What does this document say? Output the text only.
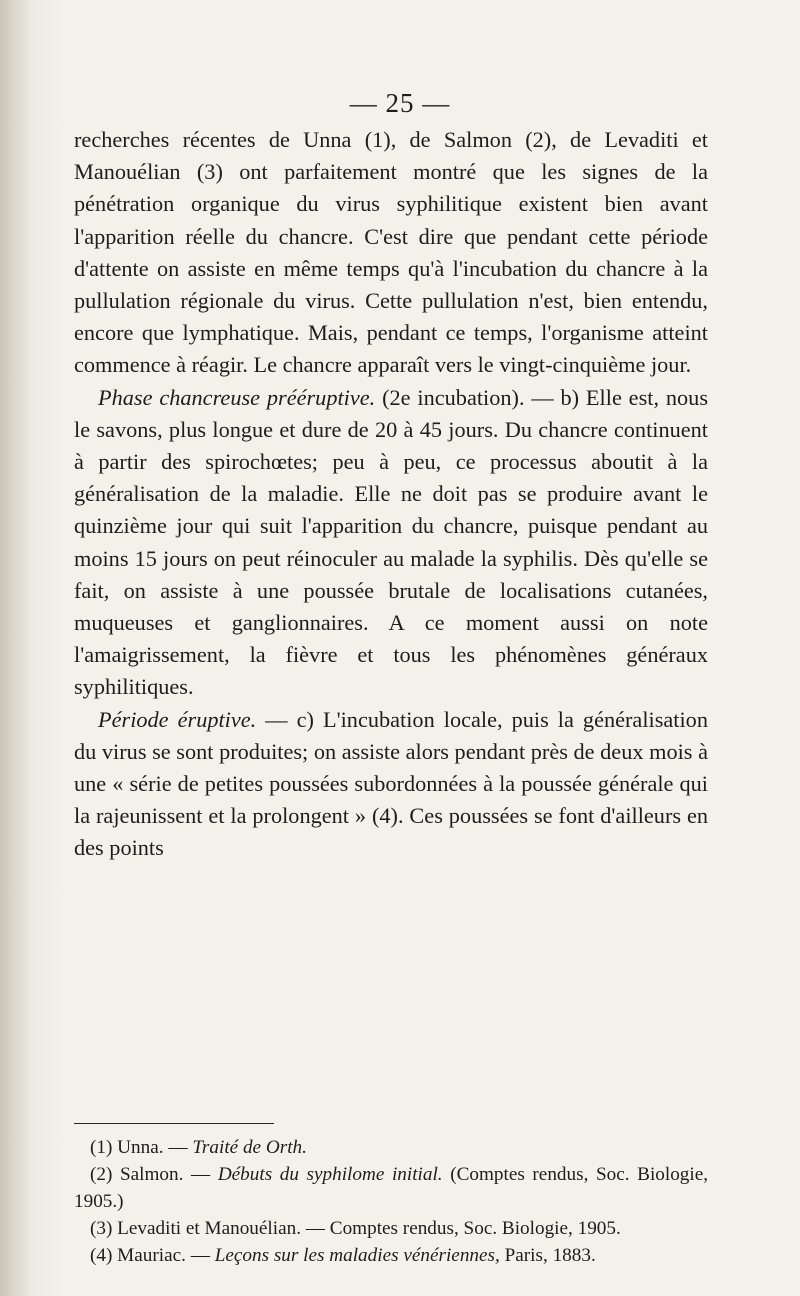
— 25 —

recherches récentes de Unna (1), de Salmon (2), de Levaditi et Manouélian (3) ont parfaitement montré que les signes de la pénétration organique du virus syphilitique existent bien avant l'apparition réelle du chancre. C'est dire que pendant cette période d'attente on assiste en même temps qu'à l'incubation du chancre à la pullulation régionale du virus. Cette pullulation n'est, bien entendu, encore que lymphatique. Mais, pendant ce temps, l'organisme atteint commence à réagir. Le chancre apparaît vers le vingt-cinquième jour.

Phase chancreuse prééruptive. (2e incubation). — b) Elle est, nous le savons, plus longue et dure de 20 à 45 jours. Du chancre continuent à partir des spirochœtes; peu à peu, ce processus aboutit à la généralisation de la maladie. Elle ne doit pas se produire avant le quinzième jour qui suit l'apparition du chancre, puisque pendant au moins 15 jours on peut réinoculer au malade la syphilis. Dès qu'elle se fait, on assiste à une poussée brutale de localisations cutanées, muqueuses et ganglionnaires. A ce moment aussi on note l'amaigrissement, la fièvre et tous les phénomènes généraux syphilitiques.

Période éruptive. — c) L'incubation locale, puis la généralisation du virus se sont produites; on assiste alors pendant près de deux mois à une « série de petites poussées subordonnées à la poussée générale qui la rajeunissent et la prolongent » (4). Ces poussées se font d'ailleurs en des points

(1) Unna. — Traité de Orth.

(2) Salmon. — Débuts du syphilome initial. (Comptes rendus, Soc. Biologie, 1905.)

(3) Levaditi et Manouélian. — Comptes rendus, Soc. Biologie, 1905.

(4) Mauriac. — Leçons sur les maladies vénériennes, Paris, 1883.
